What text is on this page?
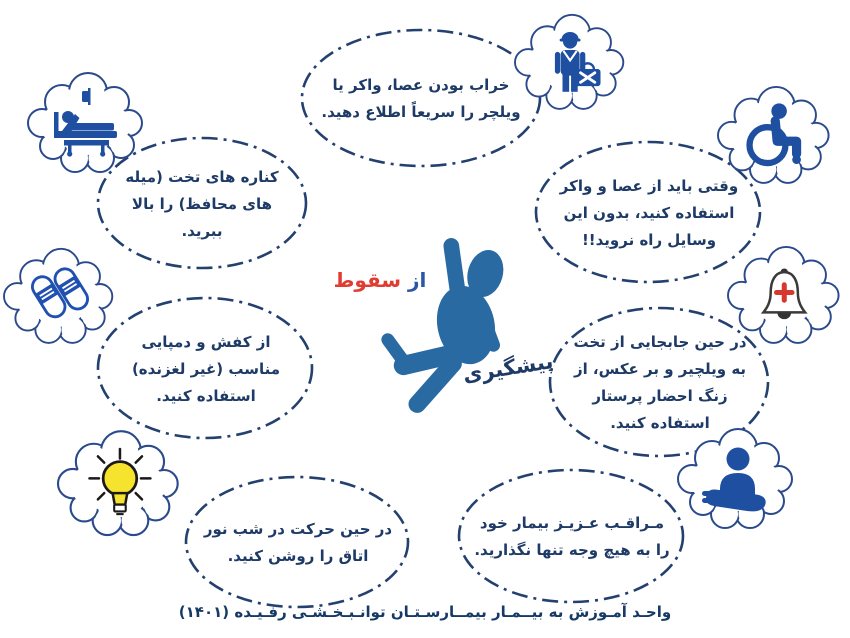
خراب بودن عصا، واکر یا ویلچر را سریعاً اطلاع دهید.
کناره های تخت (میله های محافظ) را بالا ببرید.
وقتی باید از عصا و واکر استفاده کنید، بدون این وسایل راه نروید!!
از کفش و دمپایی مناسب (غیر لغزنده) استفاده کنید.
در حین جابجایی از تخت به ویلچیر و بر عکس، از زنگ احضار پرستار استفاده کنید.
در حین حرکت در شب نور اتاق را روشن کنید.
مـراقـب عـزیـز بیمار خود را به هیچ وجه تنها نگذارید.
از سقوط
پیشگیری
واحـد آمـوزش به بیــمـار بیمــارسـتـان توانـبـخـشـی رفـیـده (۱۴۰۱)
